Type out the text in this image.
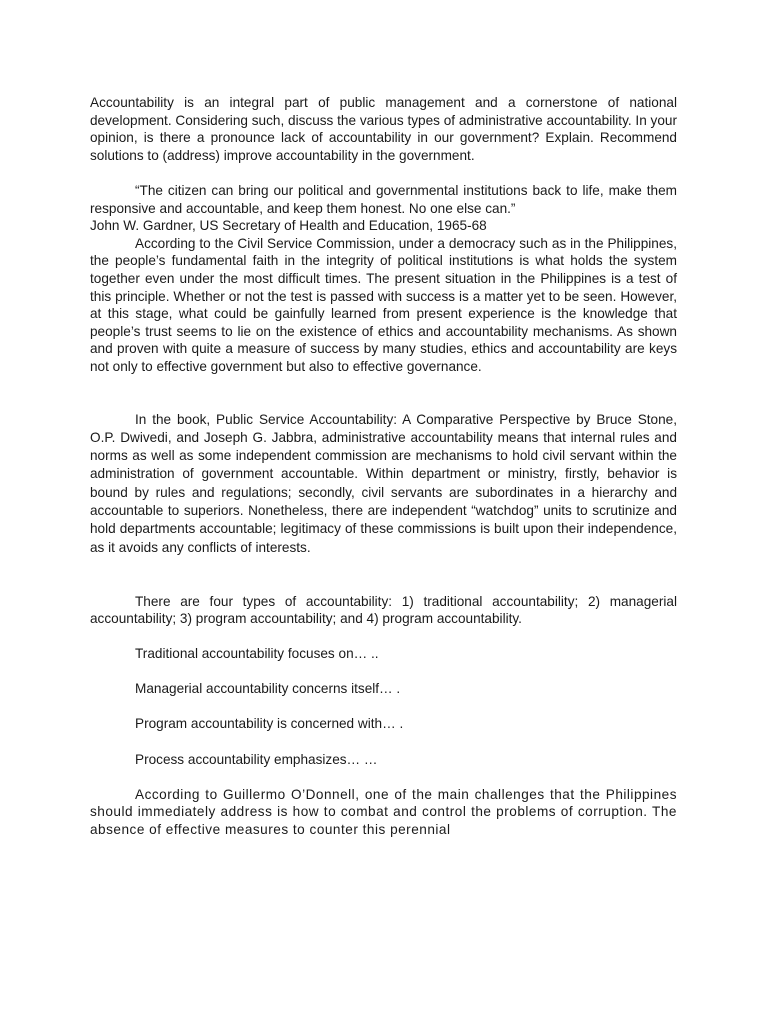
Accountability is an integral part of public management and a cornerstone of national development. Considering such, discuss the various types of administrative accountability. In your opinion, is there a pronounce lack of accountability in our government? Explain. Recommend solutions to (address) improve accountability in the government.

“The citizen can bring our political and governmental institutions back to life, make them responsive and accountable, and keep them honest. No one else can.”

John W. Gardner, US Secretary of Health and Education, 1965-68

According to the Civil Service Commission, under a democracy such as in the Philippines, the people’s fundamental faith in the integrity of political institutions is what holds the system together even under the most difficult times. The present situation in the Philippines is a test of this principle. Whether or not the test is passed with success is a matter yet to be seen. However, at this stage, what could be gainfully learned from present experience is the knowledge that people’s trust seems to lie on the existence of ethics and accountability mechanisms. As shown and proven with quite a measure of success by many studies, ethics and accountability are keys not only to effective government but also to effective governance.

In the book, Public Service Accountability: A Comparative Perspective by Bruce Stone, O.P. Dwivedi, and Joseph G. Jabbra, administrative accountability means that internal rules and norms as well as some independent commission are mechanisms to hold civil servant within the administration of government accountable. Within department or ministry, firstly, behavior is bound by rules and regulations; secondly, civil servants are subordinates in a hierarchy and accountable to superiors. Nonetheless, there are independent “watchdog” units to scrutinize and hold departments accountable; legitimacy of these commissions is built upon their independence, as it avoids any conflicts of interests.

There are four types of accountability: 1) traditional accountability; 2) managerial accountability; 3) program accountability; and 4) program accountability.

Traditional accountability focuses on… ..

Managerial accountability concerns itself… .

Program accountability is concerned with… .

Process accountability emphasizes… …

According to Guillermo O’Donnell, one of the main challenges that the Philippines should immediately address is how to combat and control the problems of corruption. The absence of effective measures to counter this perennial
